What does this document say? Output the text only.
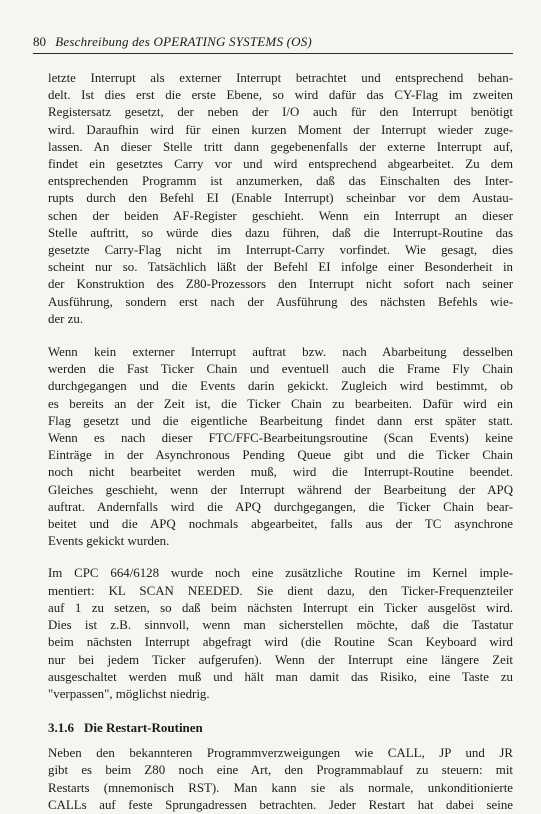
80 Beschreibung des OPERATING SYSTEMS (OS)

letzte Interrupt als externer Interrupt betrachtet und entsprechend behan-
delt. Ist dies erst die erste Ebene, so wird dafür das CY-Flag im zweiten
Registersatz gesetzt, der neben der I/O auch für den Interrupt benötigt
wird. Daraufhin wird für einen kurzen Moment der Interrupt wieder zuge-
lassen. An dieser Stelle tritt dann gegebenenfalls der externe Interrupt auf,
findet ein gesetztes Carry vor und wird entsprechend abgearbeitet. Zu dem
entsprechenden Programm ist anzumerken, daß das Einschalten des Inter-
rupts durch den Befehl EI (Enable Interrupt) scheinbar vor dem Austau-
schen der beiden AF-Register geschieht. Wenn ein Interrupt an dieser
Stelle auftritt, so würde dies dazu führen, daß die Interrupt-Routine das
gesetzte Carry-Flag nicht im Interrupt-Carry vorfindet. Wie gesagt, dies
scheint nur so. Tatsächlich läßt der Befehl EI infolge einer Besonderheit in
der Konstruktion des Z80-Prozessors den Interrupt nicht sofort nach seiner
Ausführung, sondern erst nach der Ausführung des nächsten Befehls wie-
der zu.

Wenn kein externer Interrupt auftrat bzw. nach Abarbeitung desselben
werden die Fast Ticker Chain und eventuell auch die Frame Fly Chain
durchgegangen und die Events darin gekickt. Zugleich wird bestimmt, ob
es bereits an der Zeit ist, die Ticker Chain zu bearbeiten. Dafür wird ein
Flag gesetzt und die eigentliche Bearbeitung findet dann erst später statt.
Wenn es nach dieser FTC/FFC-Bearbeitungsroutine (Scan Events) keine
Einträge in der Asynchronous Pending Queue gibt und die Ticker Chain
noch nicht bearbeitet werden muß, wird die Interrupt-Routine beendet.
Gleiches geschieht, wenn der Interrupt während der Bearbeitung der APQ
auftrat. Andernfalls wird die APQ durchgegangen, die Ticker Chain bear-
beitet und die APQ nochmals abgearbeitet, falls aus der TC asynchrone
Events gekickt wurden.

Im CPC 664/6128 wurde noch eine zusätzliche Routine im Kernel imple-
mentiert: KL SCAN NEEDED. Sie dient dazu, den Ticker-Frequenzteiler
auf 1 zu setzen, so daß beim nächsten Interrupt ein Ticker ausgelöst wird.
Dies ist z.B. sinnvoll, wenn man sicherstellen möchte, daß die Tastatur
beim nächsten Interrupt abgefragt wird (die Routine Scan Keyboard wird
nur bei jedem Ticker aufgerufen). Wenn der Interrupt eine längere Zeit
ausgeschaltet werden muß und hält man damit das Risiko, eine Taste zu
"verpassen", möglichst niedrig.

3.1.6 Die Restart-Routinen

Neben den bekannteren Programmverzweigungen wie CALL, JP und JR
gibt es beim Z80 noch eine Art, den Programmablauf zu steuern: mit
Restarts (mnemonisch RST). Man kann sie als normale, unkonditionierte
CALLs auf feste Sprungadressen betrachten. Jeder Restart hat dabei seine
